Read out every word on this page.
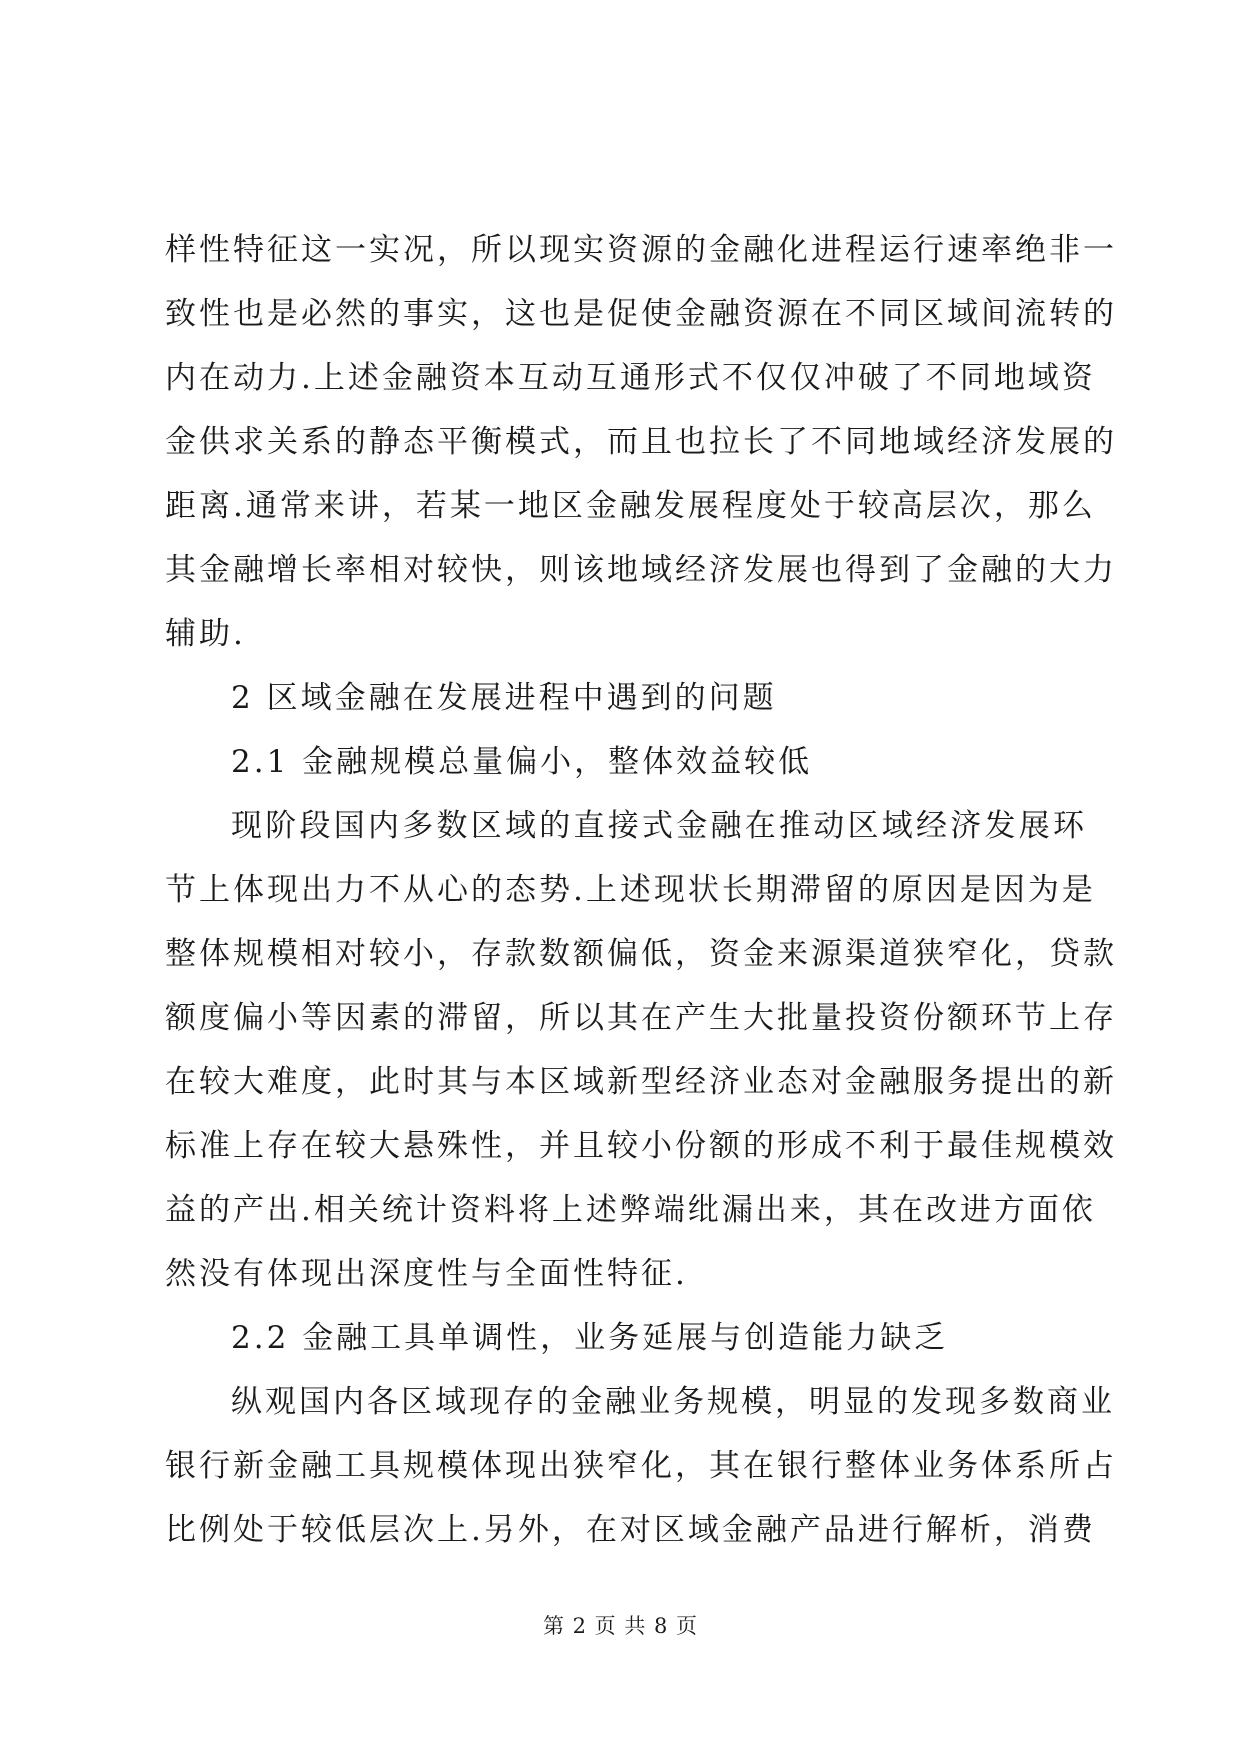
样性特征这一实况，所以现实资源的金融化进程运行速率绝非一
致性也是必然的事实，这也是促使金融资源在不同区域间流转的
内在动力.上述金融资本互动互通形式不仅仅冲破了不同地域资
金供求关系的静态平衡模式，而且也拉长了不同地域经济发展的
距离.通常来讲，若某一地区金融发展程度处于较高层次，那么
其金融增长率相对较快，则该地域经济发展也得到了金融的大力
辅助.
2 区域金融在发展进程中遇到的问题
2.1 金融规模总量偏小，整体效益较低
现阶段国内多数区域的直接式金融在推动区域经济发展环
节上体现出力不从心的态势.上述现状长期滞留的原因是因为是
整体规模相对较小，存款数额偏低，资金来源渠道狭窄化，贷款
额度偏小等因素的滞留，所以其在产生大批量投资份额环节上存
在较大难度，此时其与本区域新型经济业态对金融服务提出的新
标准上存在较大悬殊性，并且较小份额的形成不利于最佳规模效
益的产出.相关统计资料将上述弊端纰漏出来，其在改进方面依
然没有体现出深度性与全面性特征.
2.2 金融工具单调性，业务延展与创造能力缺乏
纵观国内各区域现存的金融业务规模，明显的发现多数商业
银行新金融工具规模体现出狭窄化，其在银行整体业务体系所占
比例处于较低层次上.另外，在对区域金融产品进行解析，消费
第 2 页 共 8 页
